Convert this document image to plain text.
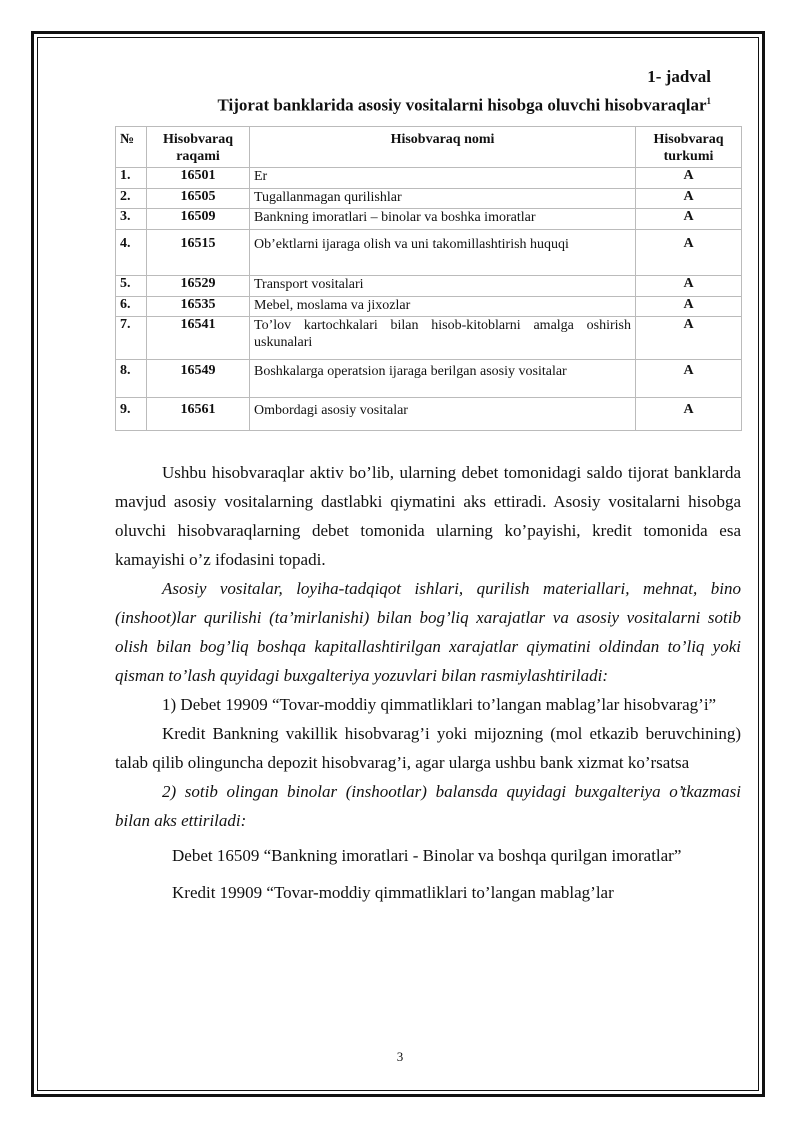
1- jadval
Tijorat banklarida asosiy vositalarni hisobga oluvchi hisobvaraqlar$^1$
№	Hisobvaraq raqami	Hisobvaraq nomi	Hisobvaraq turkumi
1.	16501	Er	A
2.	16505	Tugallanmagan qurilishlar	A
3.	16509	Bankning imoratlari – binolar va boshka imoratlar	A
4.	16515	Ob’ektlarni ijaraga olish va uni takomillashtirish huquqi	A
5.	16529	Transport vositalari	A
6.	16535	Mebel, moslama va jixozlar	A
7.	16541	To’lov kartochkalari bilan hisob-kitoblarni amalga oshirish uskunalari	A
8.	16549	Boshkalarga operatsion ijaraga berilgan asosiy vositalar	A
9.	16561	Ombordagi asosiy vositalar	A

Ushbu hisobvaraqlar aktiv bo’lib, ularning debet tomonidagi saldo tijorat banklarda mavjud asosiy vositalarning dastlabki qiymatini aks ettiradi. Asosiy vositalarni hisobga oluvchi hisobvaraqlarning debet tomonida ularning ko’payishi, kredit tomonida esa kamayishi o’z ifodasini topadi.

Asosiy vositalar, loyiha-tadqiqot ishlari, qurilish materiallari, mehnat, bino (inshoot)lar qurilishi (ta’mirlanishi) bilan bog’liq xarajatlar va asosiy vositalarni sotib olish bilan bog’liq boshqa kapitallashtirilgan xarajatlar qiymatini oldindan to’liq yoki qisman to’lash quyidagi buxgalteriya yozuvlari bilan rasmiylashtiriladi:

1) Debet 19909 “Tovar-moddiy qimmatliklari to’langan mablag’lar hisobvarag’i”

Kredit Bankning vakillik hisobvarag’i yoki mijozning (mol etkazib beruvchining) talab qilib olinguncha depozit hisobvarag’i, agar ularga ushbu bank xizmat ko’rsatsa

2) sotib olingan binolar (inshootlar) balansda quyidagi buxgalteriya o’tkazmasi bilan aks ettiriladi:

Debet 16509 “Bankning imoratlari - Binolar va boshqa qurilgan imoratlar”

Kredit 19909 “Tovar-moddiy qimmatliklari to’langan mablag’lar

3
